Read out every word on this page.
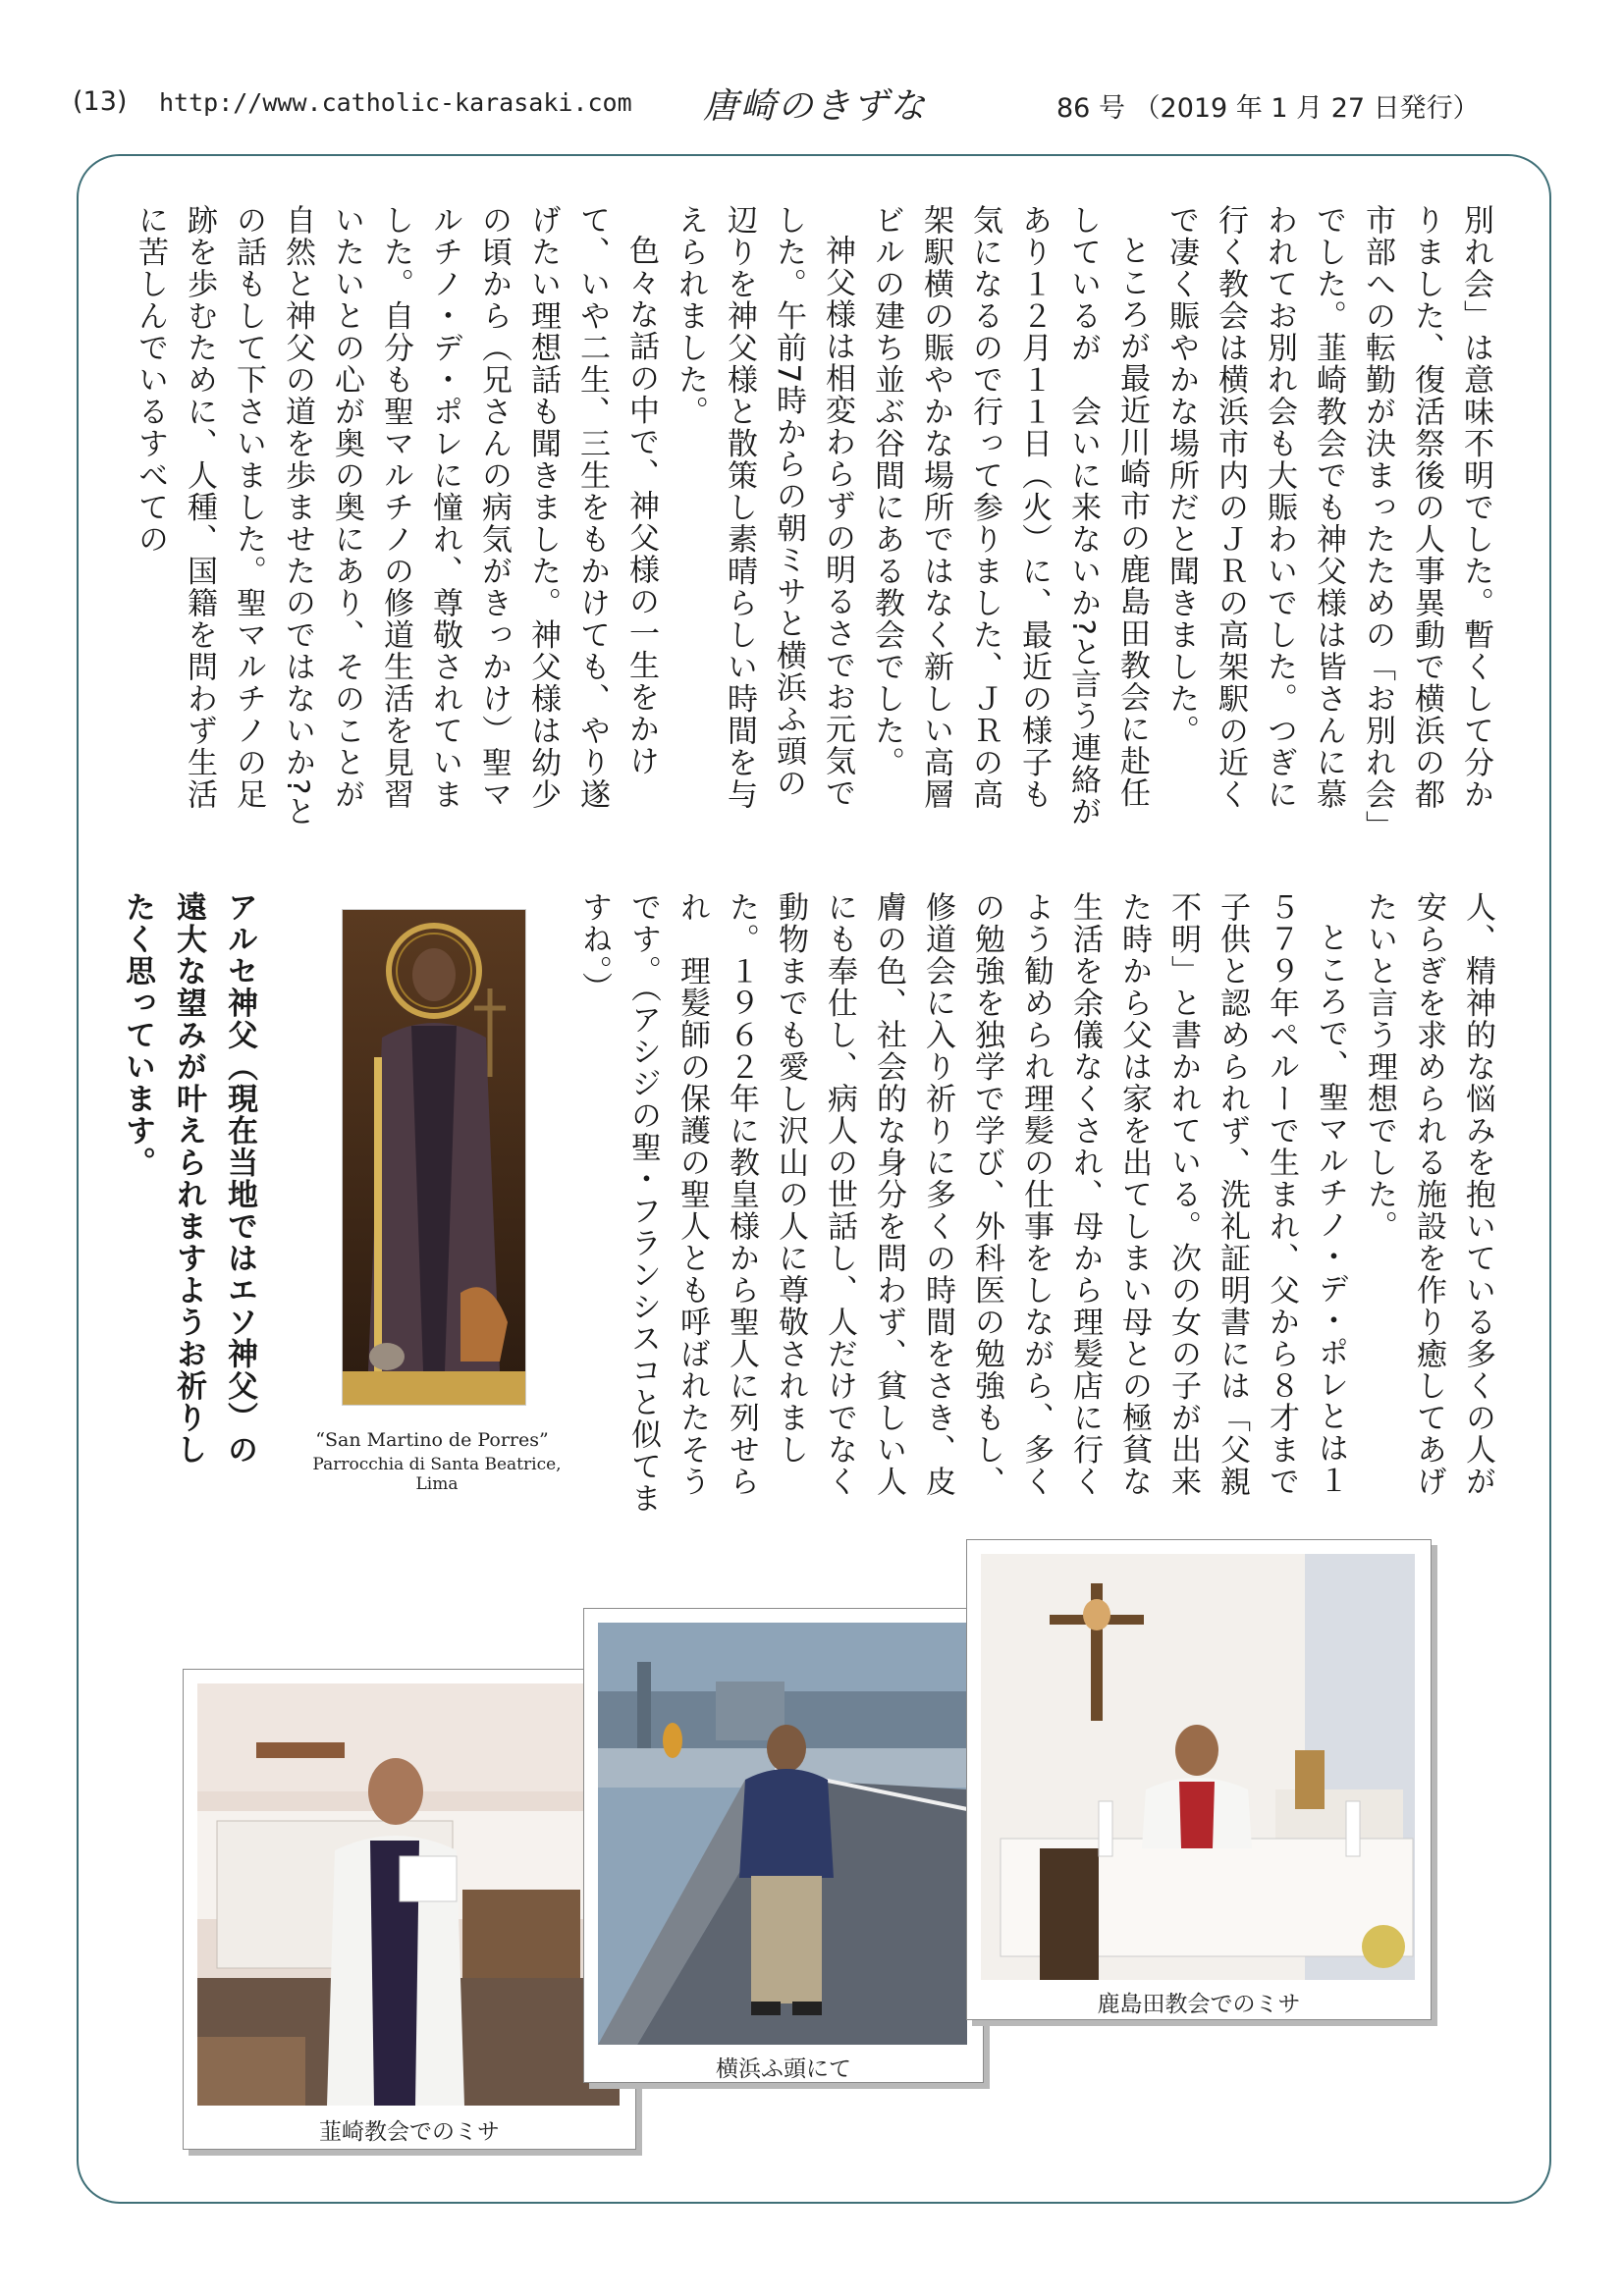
(13) http://www.catholic-karasaki.com 唐崎のきずな	86 号 （2019 年 1 月 27 日発行）

別れ会」は意味不明でした。暫くして分かりました、復活祭後の人事異動で横浜の都市部への転勤が決まったための「お別れ会」でした。韮崎教会でも神父様は皆さんに慕われてお別れ会も大賑わいでした。つぎに行く教会は横浜市内のＪＲの高架駅の近くで凄く賑やかな場所だと聞きました。

ところが最近川崎市の鹿島田教会に赴任しているが　会いに来ないか?と言う連絡があり１２月１１日（火）に、最近の様子も気になるので行って参りました、ＪＲの高架駅横の賑やかな場所ではなく新しい高層ビルの建ち並ぶ谷間にある教会でした。

神父様は相変わらずの明るさでお元気でした。午前7時からの朝ミサと横浜ふ頭の辺りを神父様と散策し素晴らしい時間を与えられました。

色々な話の中で、神父様の一生をかけて、いや二生、三生をもかけても、やり遂げたい理想話も聞きました。神父様は幼少の頃から（兄さんの病気がきっかけ）聖マルチノ・デ・ポレに憧れ、尊敬されていました。自分も聖マルチノの修道生活を見習いたいとの心が奥の奥にあり、そのことが自然と神父の道を歩ませたのではないか?との話もして下さいました。聖マルチノの足跡を歩むために、人種、国籍を問わず生活に苦しんでいるすべての

人、精神的な悩みを抱いている多くの人が安らぎを求められる施設を作り癒してあげたいと言う理想でした。

ところで、聖マルチノ・デ・ポレとは１５７９年ペルーで生まれ、父から８才まで子供と認められず、洗礼証明書には「父親不明」と書かれている。次の女の子が出来た時から父は家を出てしまい母との極貧な生活を余儀なくされ、母から理髪店に行くよう勧められ理髪の仕事をしながら、多くの勉強を独学で学び、外科医の勉強もし、修道会に入り祈りに多くの時間をさき、皮膚の色、社会的な身分を問わず、貧しい人にも奉仕し、病人の世話し、人だけでなく動物までも愛し沢山の人に尊敬されました。１９６２年に教皇様から聖人に列せられ　理髪師の保護の聖人とも呼ばれたそうです。（アシジの聖・フランシスコと似てますね。）

アルセ神父（現在当地ではエソ神父）の遠大な望みが叶えられますようお祈りしたく思っています。

“San Martino de Porres”
Parrocchia di Santa Beatrice, Lima
韮崎教会でのミサ
横浜ふ頭にて
鹿島田教会でのミサ
